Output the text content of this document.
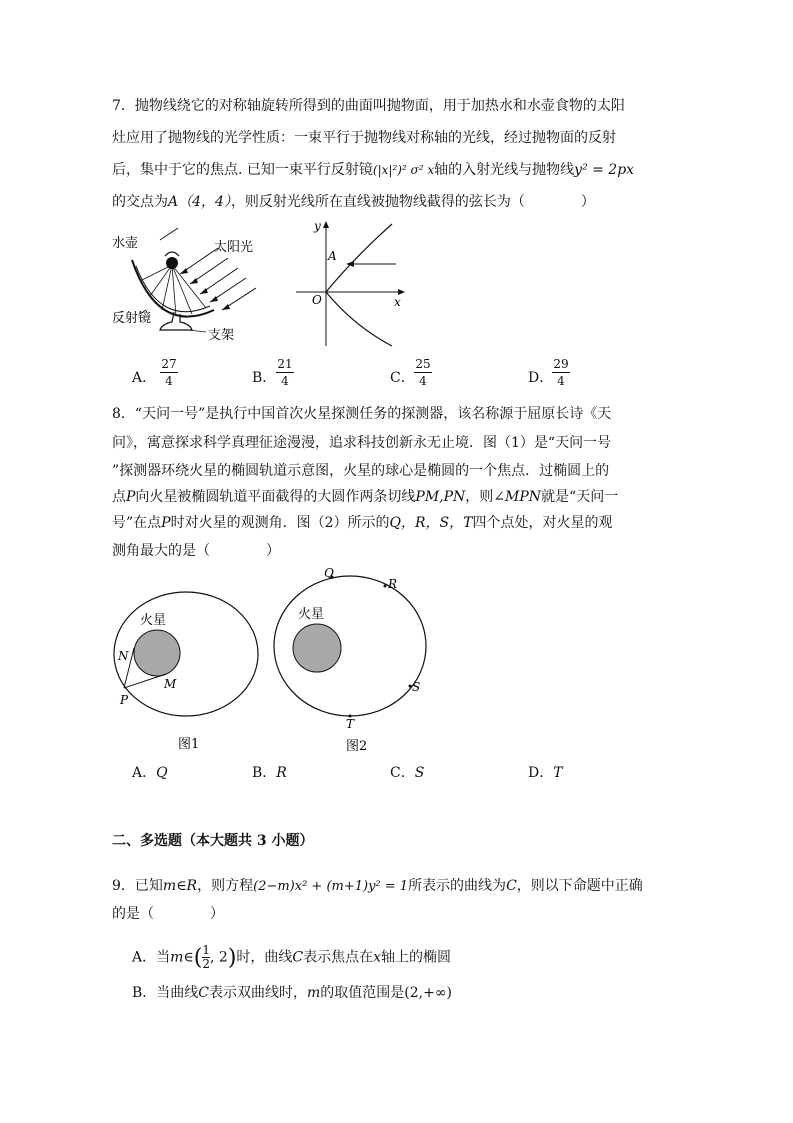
7．抛物线绕它的对称轴旋转所得到的曲面叫抛物面，用于加热水和水壶食物的太阳
灶应用了抛物线的光学性质：一束平行于抛物线对称轴的光线，经过抛物面的反射
后，集中于它的焦点. 已知一束平行反射镜(|x|²)² σ² x轴的入射光线与抛物线y² = 2px
的交点为A（4，4），则反射光线所在直线被抛物线截得的弦长为（　　　　）
水壶	太阳光
反射镜
支架
y
x
O
A
A．
27
4	B．
21
4	C．
25
4	D．
29
4
8．“天问一号”是执行中国首次火星探测任务的探测器，该名称源于屈原长诗《天
问》，寓意探求科学真理征途漫漫，追求科技创新永无止境．图（1）是“天问一号
”探测器环绕火星的椭圆轨道示意图，火星的球心是椭圆的一个焦点．过椭圆上的
点P向火星被椭圆轨道平面截得的大圆作两条切线PM,PN，则∠MPN就是“天问一
号”在点P时对火星的观测角．图（2）所示的Q，R，S，T四个点处，对火星的观
测角最大的是（　　　　）
火星
N
M
P
图1
火星
Q
R
S
T
图2
A．Q	B．R	C．S	D．T
二、多选题（本大题共 3 小题）
9．已知m∈R，则方程(2−m)x² + (m+1)y² = 1所表示的曲线为C，则以下命题中正确
的是（　　　　）
A．当$m\in(\frac{1}{2}$, 2)时，曲线C表示焦点在x轴上的椭圆
B．当曲线C表示双曲线时，m的取值范围是(2,+∞)
